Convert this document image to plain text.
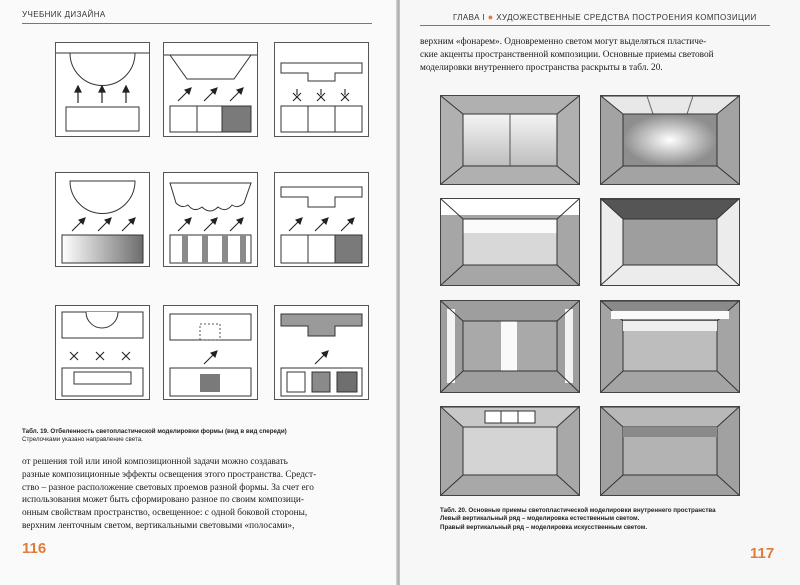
УЧЕБНИК ДИЗАЙНА
Табл. 19. Отбеленность светопластической моделировки формы (вид в вид спереди)
Стрелочками указано направление света.
от решения той или иной композиционной задачи можно создавать
разные композиционные эффекты освещения этого пространства. Средст-
ство – разное расположение световых проемов разной формы. За счет его
использования может быть сформировано разное по своим композици-
онным свойствам пространство, освещенное: с одной боковой стороны,
верхним ленточным светом, вертикальными световыми «полосами»,
116
ГЛАВА I ● ХУДОЖЕСТВЕННЫЕ СРЕДСТВА ПОСТРОЕНИЯ КОМПОЗИЦИИ
верхним «фонарем». Одновременно светом могут выделяться пластиче-
ские акценты пространственной композиции. Основные приемы световой
моделировки внутреннего пространства раскрыты в табл. 20.
Табл. 20. Основные приемы светопластической моделировки внутреннего пространства
Левый вертикальный ряд – моделировка естественным светом.
Правый вертикальный ряд – моделировка искусственным светом.
117
